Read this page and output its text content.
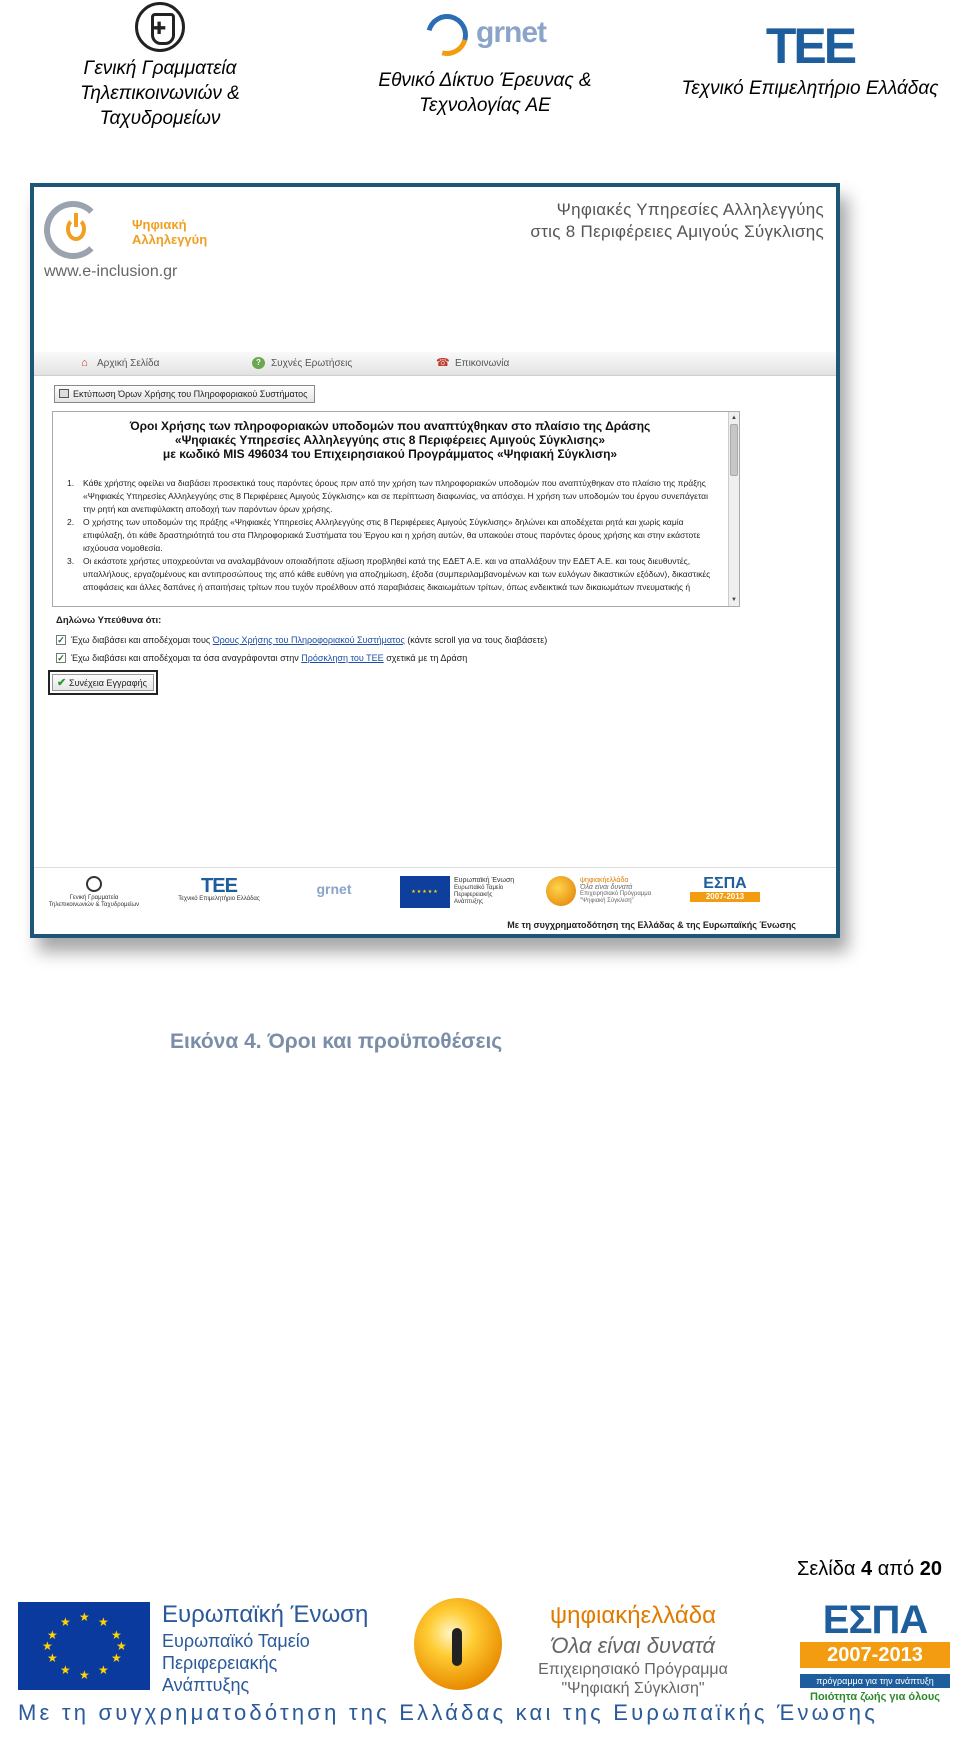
✚
Γενική Γραμματεία
Τηλεπικοινωνιών &
Ταχυδρομείων
grnet
Εθνικό Δίκτυο Έρευνας &
Τεχνολογίας ΑΕ
TEE
Τεχνικό Επιμελητήριο Ελλάδας
Ψηφιακή
Αλληλεγγύη
www.e-inclusion.gr
Ψηφιακές Υπηρεσίες Αλληλεγγύης
στις 8 Περιφέρειες Αμιγούς Σύγκλισης
⌂ Αρχική Σελίδα	?	Συχνές Ερωτήσεις	☎ Επικοινωνία
Εκτύπωση Όρων Χρήσης του Πληροφοριακού Συστήματος
Όροι Χρήσης των πληροφοριακών υποδομών που αναπτύχθηκαν στο πλαίσιο της Δράσης
«Ψηφιακές Υπηρεσίες Αλληλεγγύης στις 8 Περιφέρειες Αμιγούς Σύγκλισης»
με κωδικό MIS 496034 του Επιχειρησιακού Προγράμματος «Ψηφιακή Σύγκλιση»
1.	Κάθε χρήστης οφείλει να διαβάσει προσεκτικά τους παρόντες όρους πριν από την χρήση των πληροφοριακών υποδομών που αναπτύχθηκαν στο πλαίσιο της πράξης «Ψηφιακές Υπηρεσίες Αλληλεγγύης στις 8 Περιφέρειες Αμιγούς Σύγκλισης» και σε περίπτωση διαφωνίας, να απόσχει. Η χρήση των υποδομών του έργου συνεπάγεται την ρητή και ανεπιφύλακτη αποδοχή των παρόντων όρων χρήσης.
2.	Ο χρήστης των υποδομών της πράξης «Ψηφιακές Υπηρεσίες Αλληλεγγύης στις 8 Περιφέρειες Αμιγούς Σύγκλισης» δηλώνει και αποδέχεται ρητά και χωρίς καμία επιφύλαξη, ότι κάθε δραστηριότητά του στα Πληροφοριακά Συστήματα του Έργου και η χρήση αυτών, θα υπακούει στους παρόντες όρους χρήσης και στην εκάστοτε ισχύουσα νομοθεσία.
3.	Οι εκάστοτε χρήστες υποχρεούνται να αναλαμβάνουν οποιαδήποτε αξίωση προβληθεί κατά της ΕΔΕΤ Α.Ε. και να απαλλάξουν την ΕΔΕΤ Α.Ε. και τους διευθυντές, υπαλλήλους, εργαζομένους και αντιπροσώπους της από κάθε ευθύνη για αποζημίωση, έξοδα (συμπεριλαμβανομένων και των ευλόγων δικαστικών εξόδων), δικαστικές αποφάσεις και άλλες δαπάνες ή απαιτήσεις τρίτων που τυχόν προέλθουν από παραβιάσεις δικαιωμάτων τρίτων, όπως ενδεικτικά των δικαιωμάτων πνευματικής ή
▲
▼
Δηλώνω Υπεύθυνα ότι:
✓ Έχω διαβάσει και αποδέχομαι τους Όρους Χρήσης του Πληροφοριακού Συστήματος (κάντε scroll για να τους διαβάσετε)
✓ Έχω διαβάσει και αποδέχομαι τα όσα αναγράφονται στην Πρόσκληση του ΤΕΕ σχετικά με τη Δράση
✔ Συνέχεια Εγγραφής
Γενική Γραμματεία
Τηλεπικοινωνιών & Ταχυδρομείων
TEE
Τεχνικό Επιμελητήριο Ελλάδας
grnet	★★★★★
Ευρωπαϊκή Ένωση
Ευρωπαϊκό Ταμείο
Περιφερειακής
Ανάπτυξης
ψηφιακήελλάδα
Όλα είναι δυνατά
Επιχειρησιακό Πρόγραμμα
"Ψηφιακή Σύγκλιση"
ΕΣΠΑ
2007-2013
Με τη συγχρηματοδότηση της Ελλάδας & της Ευρωπαϊκής Ένωσης
Εικόνα 4. Όροι και προϋποθέσεις
Σελίδα 4 από 20
★ ★
★
★
★
★
★
★
★
★
★
★	Ευρωπαϊκή Ένωση
Ευρωπαϊκό Ταμείο
Περιφερειακής
Ανάπτυξης
ψηφιακήελλάδα
Όλα είναι δυνατά
Επιχειρησιακό Πρόγραμμα
"Ψηφιακή Σύγκλιση"
ΕΣΠΑ
2007-2013
πρόγραμμα για την ανάπτυξη
Ποιότητα ζωής για όλους
Με τη συγχρηματοδότηση της Ελλάδας και της Ευρωπαϊκής Ένωσης
